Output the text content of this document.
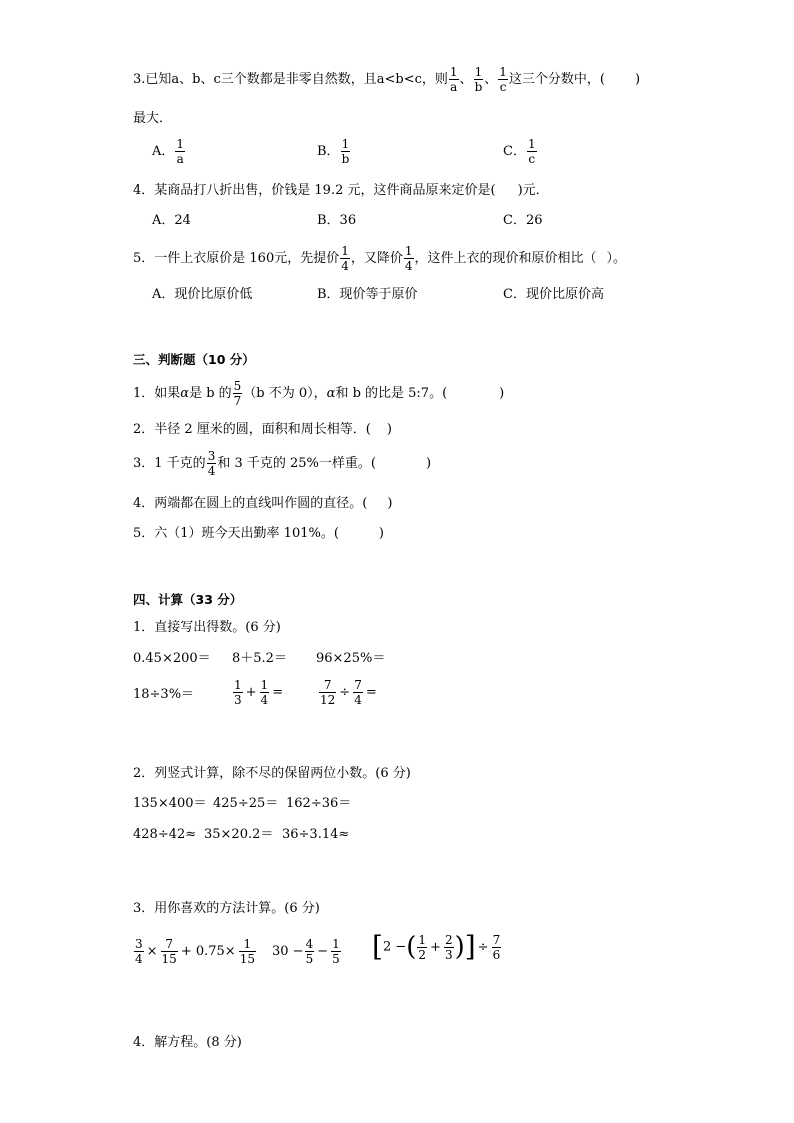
3.已知a、b、c三个数都是非零自然数，且a<b<c，则 $\frac{1}{a}$ 、 $\frac{1}{b}$ 、 $\frac{1}{c}$ 这三个分数中，( )
最大．
A． $\frac{1}{a}$	B． $\frac{1}{b}$	C． $\frac{1}{c}$
4．某商品打八折出售，价钱是 19.2 元，这件商品原来定价是( )元．
A．24	B．36	C．26
5．一件上衣原价是 160元，先提价 $\frac{1}{4}$ ，又降价 $\frac{1}{4}$ ，这件上衣的现价和原价相比（ ）。
A．现价比原价低	B．现价等于原价	C．现价比原价高
三、判断题（10 分）
1．如果α是 b 的 $\frac{5}{7} (b$ 不为 0），α和 b 的比是 5:7。(	)
2．半径 2 厘米的圆，面积和周长相等．( )
3．1 千克的 $\frac{3}{4}$ 和 3 千克的 25%一样重。(	)
4．两端都在圆上的直线叫作圆的直径。( )
5．六（1）班今天出勤率 101%。(	)
四、计算（33 分）
1．直接写出得数。(6 分)
0.45×200＝ 8＋5.2＝ 96×25%＝
18÷3%＝	$\frac{1}{3} + \frac{1}{4}$ =	$\frac{7}{12} \div \frac{7}{4}$ =
2．列竖式计算，除不尽的保留两位小数。(6 分)
135×400＝ 425÷25＝ 162÷36＝
428÷42≈ 35×20.2＝ 36÷3.14≈
3．用你喜欢的方法计算。(6 分)
$\frac{3}{4} \times \frac{7}{15} + 0.75\times \frac{1}{15} 30 - \frac{4}{5} - \frac{1}{5} [2$ −( $\frac{1}{2} + \frac{2}{3}$ )] ÷ $\frac{7}{6}$
4．解方程。(8 分)
